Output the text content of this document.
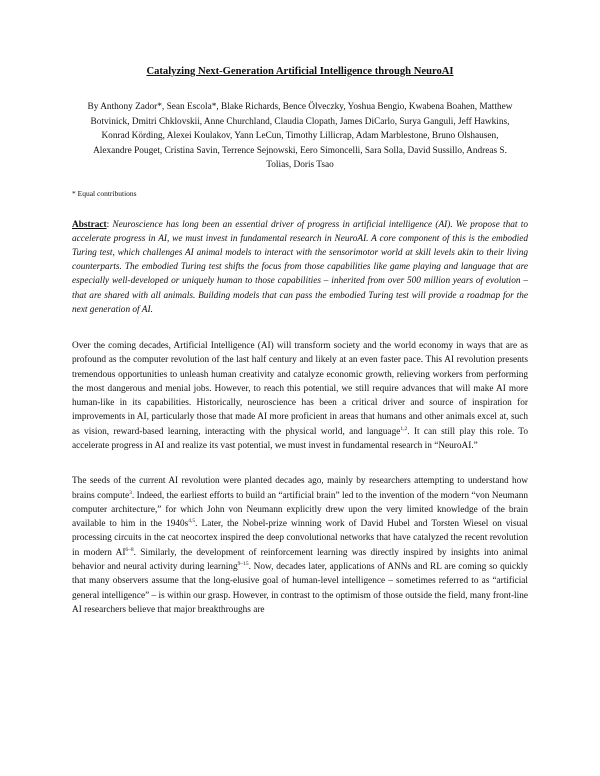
Catalyzing Next-Generation Artificial Intelligence through NeuroAI
By Anthony Zador*, Sean Escola*, Blake Richards, Bence Ölveczky, Yoshua Bengio, Kwabena Boahen, Matthew Botvinick, Dmitri Chklovskii, Anne Churchland, Claudia Clopath, James DiCarlo, Surya Ganguli, Jeff Hawkins, Konrad Körding, Alexei Koulakov, Yann LeCun, Timothy Lillicrap, Adam Marblestone, Bruno Olshausen, Alexandre Pouget, Cristina Savin, Terrence Sejnowski, Eero Simoncelli, Sara Solla, David Sussillo, Andreas S. Tolias, Doris Tsao
* Equal contributions
Abstract: Neuroscience has long been an essential driver of progress in artificial intelligence (AI). We propose that to accelerate progress in AI, we must invest in fundamental research in NeuroAI. A core component of this is the embodied Turing test, which challenges AI animal models to interact with the sensorimotor world at skill levels akin to their living counterparts. The embodied Turing test shifts the focus from those capabilities like game playing and language that are especially well-developed or uniquely human to those capabilities – inherited from over 500 million years of evolution – that are shared with all animals. Building models that can pass the embodied Turing test will provide a roadmap for the next generation of AI.

Over the coming decades, Artificial Intelligence (AI) will transform society and the world economy in ways that are as profound as the computer revolution of the last half century and likely at an even faster pace. This AI revolution presents tremendous opportunities to unleash human creativity and catalyze economic growth, relieving workers from performing the most dangerous and menial jobs. However, to reach this potential, we still require advances that will make AI more human-like in its capabilities. Historically, neuroscience has been a critical driver and source of inspiration for improvements in AI, particularly those that made AI more proficient in areas that humans and other animals excel at, such as vision, reward-based learning, interacting with the physical world, and language$^{1,2}$. It can still play this role. To accelerate progress in AI and realize its vast potential, we must invest in fundamental research in “NeuroAI.”

The seeds of the current AI revolution were planted decades ago, mainly by researchers attempting to understand how brains compute$^3$. Indeed, the earliest efforts to build an “artificial brain” led to the invention of the modern “von Neumann computer architecture,” for which John von Neumann explicitly drew upon the very limited knowledge of the brain available to him in the $1940s^{4,5}$. Later, the Nobel-prize winning work of David Hubel and Torsten Wiesel on visual processing circuits in the cat neocortex inspired the deep convolutional networks that have catalyzed the recent revolution in modern AI$^{6-8}$. Similarly, the development of reinforcement learning was directly inspired by insights into animal behavior and neural activity during learning$^{9-15}$. Now, decades later, applications of ANNs and RL are coming so quickly that many observers assume that the long-elusive goal of human-level intelligence – sometimes referred to as “artificial general intelligence” – is within our grasp. However, in contrast to the optimism of those outside the field, many front-line AI researchers believe that major breakthroughs are
